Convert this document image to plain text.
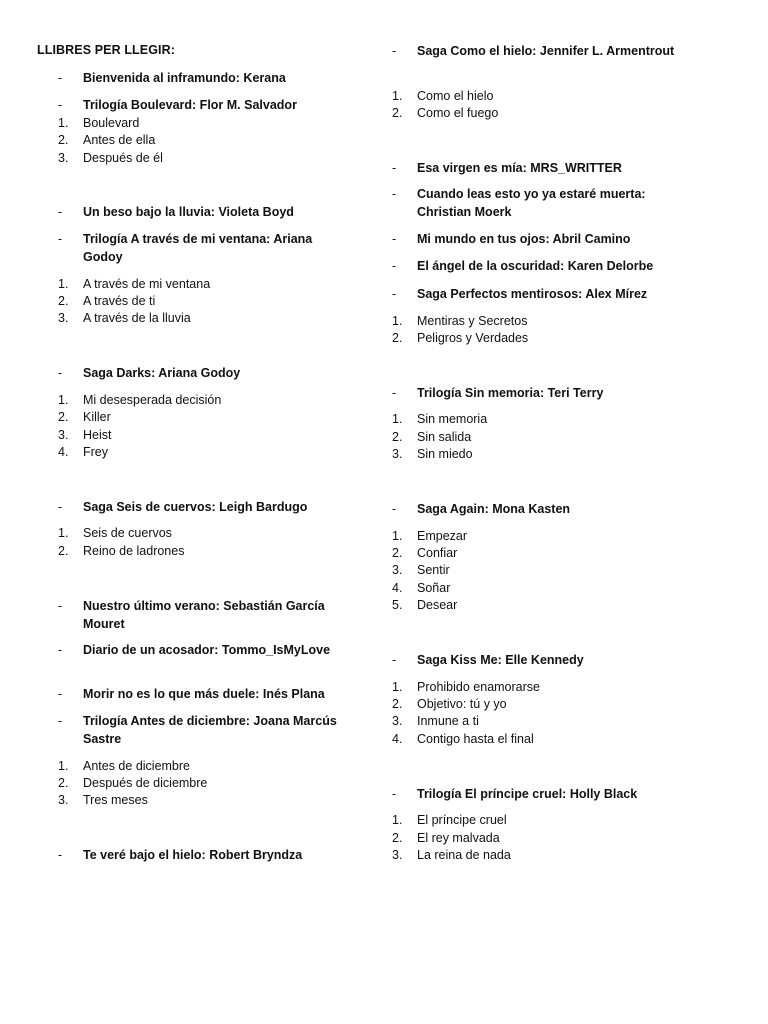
LLIBRES PER LLEGIR:
- Bienvenida al inframundo: Kerana
- Trilogía Boulevard: Flor M. Salvador
1. Boulevard
2. Antes de ella
3. Después de él
- Un beso bajo la lluvia: Violeta Boyd
- Trilogía A través de mi ventana: Ariana Godoy
1. A través de mi ventana
2. A través de ti
3. A través de la lluvia
- Saga Darks: Ariana Godoy
1. Mi desesperada decisión
2. Killer
3. Heist
4. Frey
- Saga Seis de cuervos: Leigh Bardugo
1. Seis de cuervos
2. Reino de ladrones
- Nuestro último verano: Sebastián García Mouret
- Diario de un acosador: Tommo_IsMyLove
- Morir no es lo que más duele: Inés Plana
- Trilogía Antes de diciembre: Joana Marcús Sastre
1. Antes de diciembre
2. Después de diciembre
3. Tres meses
- Te veré bajo el hielo: Robert Bryndza
- Saga Como el hielo: Jennifer L. Armentrout
1. Como el hielo
2. Como el fuego
- Esa virgen es mía: MRS_WRITTER
- Cuando leas esto yo ya estaré muerta: Christian Moerk
- Mi mundo en tus ojos: Abril Camino
- El ángel de la oscuridad: Karen Delorbe
- Saga Perfectos mentirosos: Alex Mírez
1. Mentiras y Secretos
2. Peligros y Verdades
- Trilogía Sin memoria: Teri Terry
1. Sin memoria
2. Sin salida
3. Sin miedo
- Saga Again: Mona Kasten
1. Empezar
2. Confiar
3. Sentir
4. Soñar
5. Desear
- Saga Kiss Me: Elle Kennedy
1. Prohibido enamorarse
2. Objetivo: tú y yo
3. Inmune a ti
4. Contigo hasta el final
- Trilogía El príncipe cruel: Holly Black
1. El príncipe cruel
2. El rey malvada
3. La reina de nada
